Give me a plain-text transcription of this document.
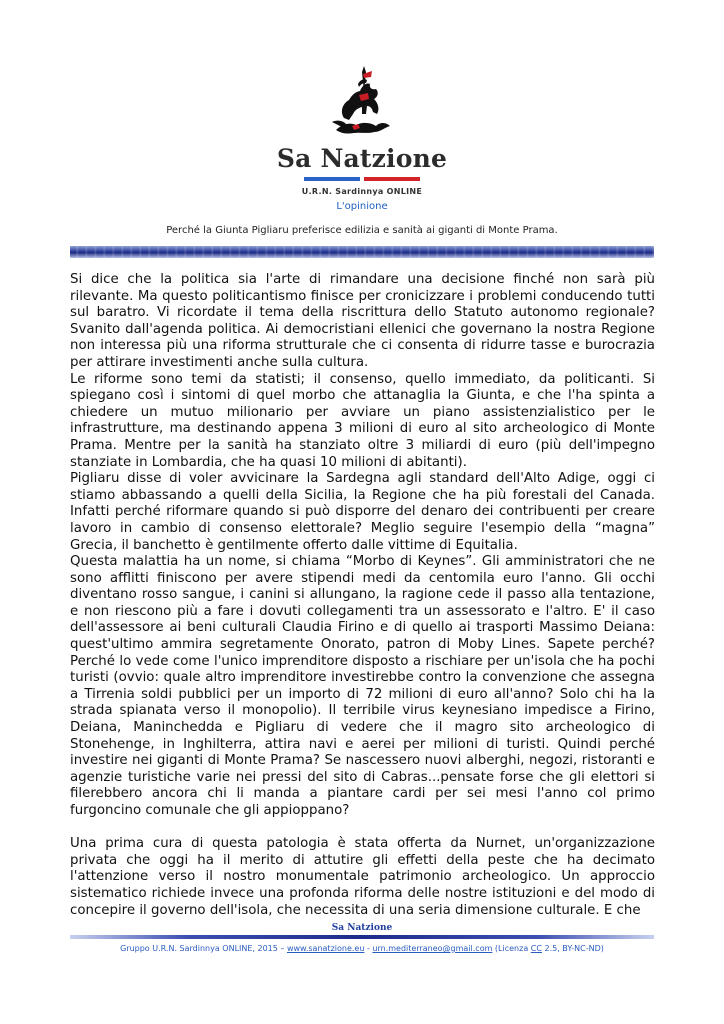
Sa Natzione
U.R.N. Sardinnya ONLINE
L'opinione
Perché la Giunta Pigliaru preferisce edilizia e sanità ai giganti di Monte Prama.

Si dice che la politica sia l'arte di rimandare una decisione finché non sarà più rilevante. Ma questo politicantismo finisce per cronicizzare i problemi conducendo tutti sul baratro. Vi ricordate il tema della riscrittura dello Statuto autonomo regionale? Svanito dall'agenda politica. Ai democristiani ellenici che governano la nostra Regione non interessa più una riforma strutturale che ci consenta di ridurre tasse e burocrazia per attirare investimenti anche sulla cultura.

Le riforme sono temi da statisti; il consenso, quello immediato, da politicanti. Si spiegano così i sintomi di quel morbo che attanaglia la Giunta, e che l'ha spinta a chiedere un mutuo milionario per avviare un piano assistenzialistico per le infrastrutture, ma destinando appena 3 milioni di euro al sito archeologico di Monte Prama. Mentre per la sanità ha stanziato oltre 3 miliardi di euro (più dell'impegno stanziate in Lombardia, che ha quasi 10 milioni di abitanti).

Pigliaru disse di voler avvicinare la Sardegna agli standard dell'Alto Adige, oggi ci stiamo abbassando a quelli della Sicilia, la Regione che ha più forestali del Canada. Infatti perché riformare quando si può disporre del denaro dei contribuenti per creare lavoro in cambio di consenso elettorale? Meglio seguire l'esempio della “magna” Grecia, il banchetto è gentilmente offerto dalle vittime di Equitalia.

Questa malattia ha un nome, si chiama “Morbo di Keynes”. Gli amministratori che ne sono afflitti finiscono per avere stipendi medi da centomila euro l'anno. Gli occhi diventano rosso sangue, i canini si allungano, la ragione cede il passo alla tentazione, e non riescono più a fare i dovuti collegamenti tra un assessorato e l'altro. E' il caso dell'assessore ai beni culturali Claudia Firino e di quello ai trasporti Massimo Deiana: quest'ultimo ammira segretamente Onorato, patron di Moby Lines. Sapete perché? Perché lo vede come l'unico imprenditore disposto a rischiare per un'isola che ha pochi turisti (ovvio: quale altro imprenditore investirebbe contro la convenzione che assegna a Tirrenia soldi pubblici per un importo di 72 milioni di euro all'anno? Solo chi ha la strada spianata verso il monopolio). Il terribile virus keynesiano impedisce a Firino, Deiana, Maninchedda e Pigliaru di vedere che il magro sito archeologico di Stonehenge, in Inghilterra, attira navi e aerei per milioni di turisti. Quindi perché investire nei giganti di Monte Prama? Se nascessero nuovi alberghi, negozi, ristoranti e agenzie turistiche varie nei pressi del sito di Cabras...pensate forse che gli elettori si filerebbero ancora chi li manda a piantare cardi per sei mesi l'anno col primo furgoncino comunale che gli appioppano?

Una prima cura di questa patologia è stata offerta da Nurnet, un'organizzazione privata che oggi ha il merito di attutire gli effetti della peste che ha decimato l'attenzione verso il nostro monumentale patrimonio archeologico. Un approccio sistematico richiede invece una profonda riforma delle nostre istituzioni e del modo di concepire il governo dell'isola, che necessita di una seria dimensione culturale. E che

Sa Natzione
Gruppo U.R.N. Sardinnya ONLINE, 2015 – www.sanatzione.eu - urn.mediterraneo@gmail.com (Licenza CC 2.5, BY-NC-ND)
